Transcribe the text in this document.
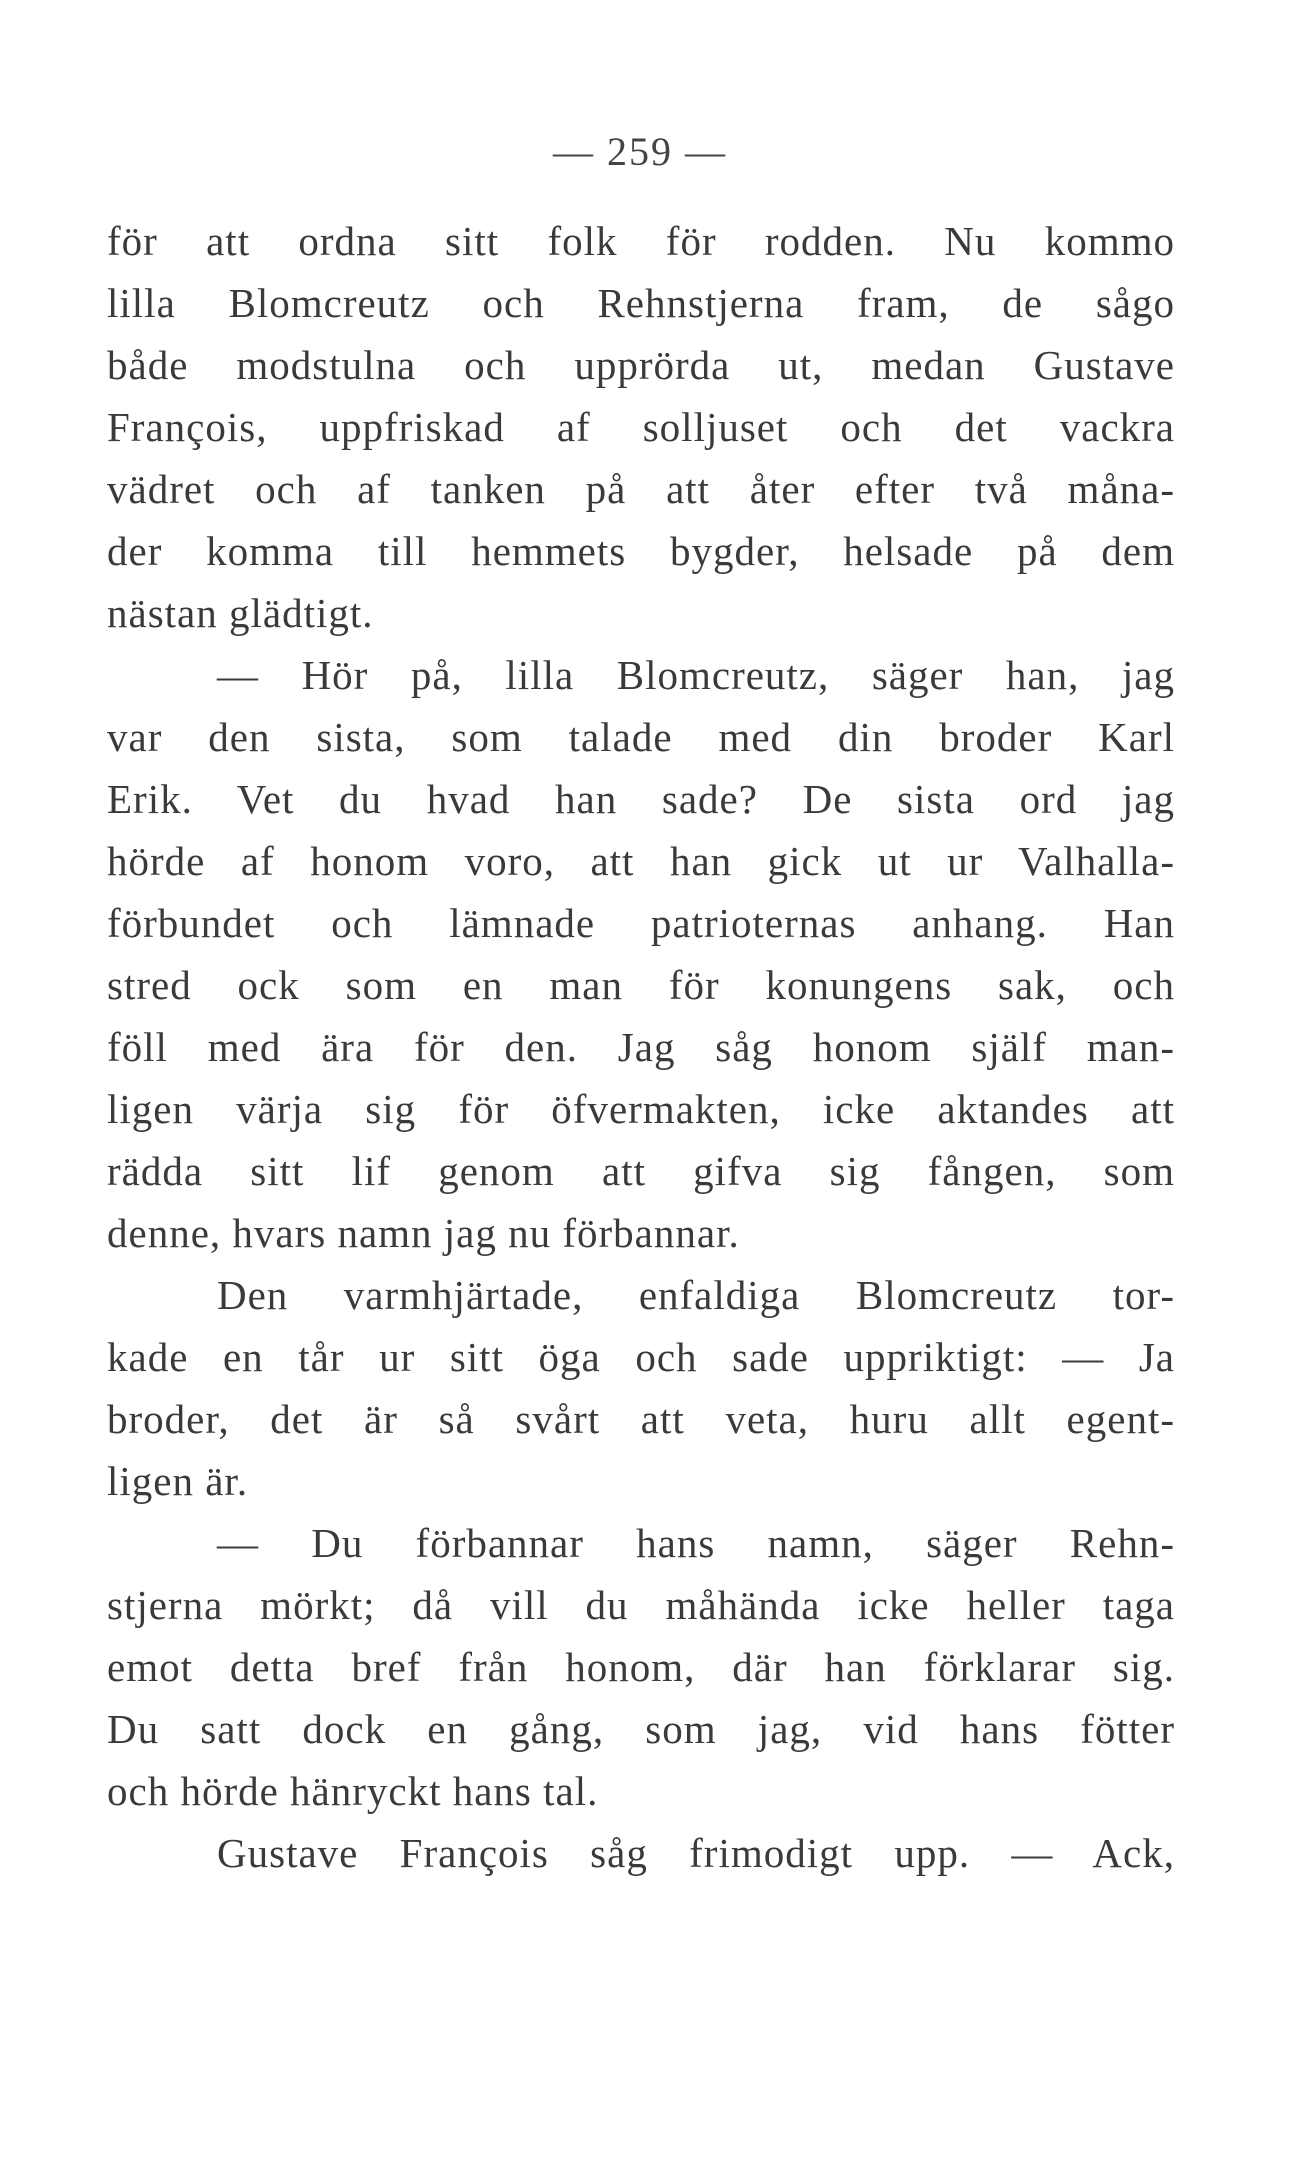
— 259 —
för att ordna sitt folk för rodden. Nu kommo
lilla Blomcreutz och Rehnstjerna fram, de sågo
både modstulna och upprörda ut, medan Gustave
François, uppfriskad af solljuset och det vackra
vädret och af tanken på att åter efter två måna-
der komma till hemmets bygder, helsade på dem
nästan glädtigt.
— Hör på, lilla Blomcreutz, säger han, jag
var den sista, som talade med din broder Karl
Erik. Vet du hvad han sade? De sista ord jag
hörde af honom voro, att han gick ut ur Valhalla-
förbundet och lämnade patrioternas anhang. Han
stred ock som en man för konungens sak, och
föll med ära för den. Jag såg honom själf man-
ligen värja sig för öfvermakten, icke aktandes att
rädda sitt lif genom att gifva sig fången, som
denne, hvars namn jag nu förbannar.
Den varmhjärtade, enfaldiga Blomcreutz tor-
kade en tår ur sitt öga och sade uppriktigt: — Ja
broder, det är så svårt att veta, huru allt egent-
ligen är.
— Du förbannar hans namn, säger Rehn-
stjerna mörkt; då vill du måhända icke heller taga
emot detta bref från honom, där han förklarar sig.
Du satt dock en gång, som jag, vid hans fötter
och hörde hänryckt hans tal.
Gustave François såg frimodigt upp. — Ack,
